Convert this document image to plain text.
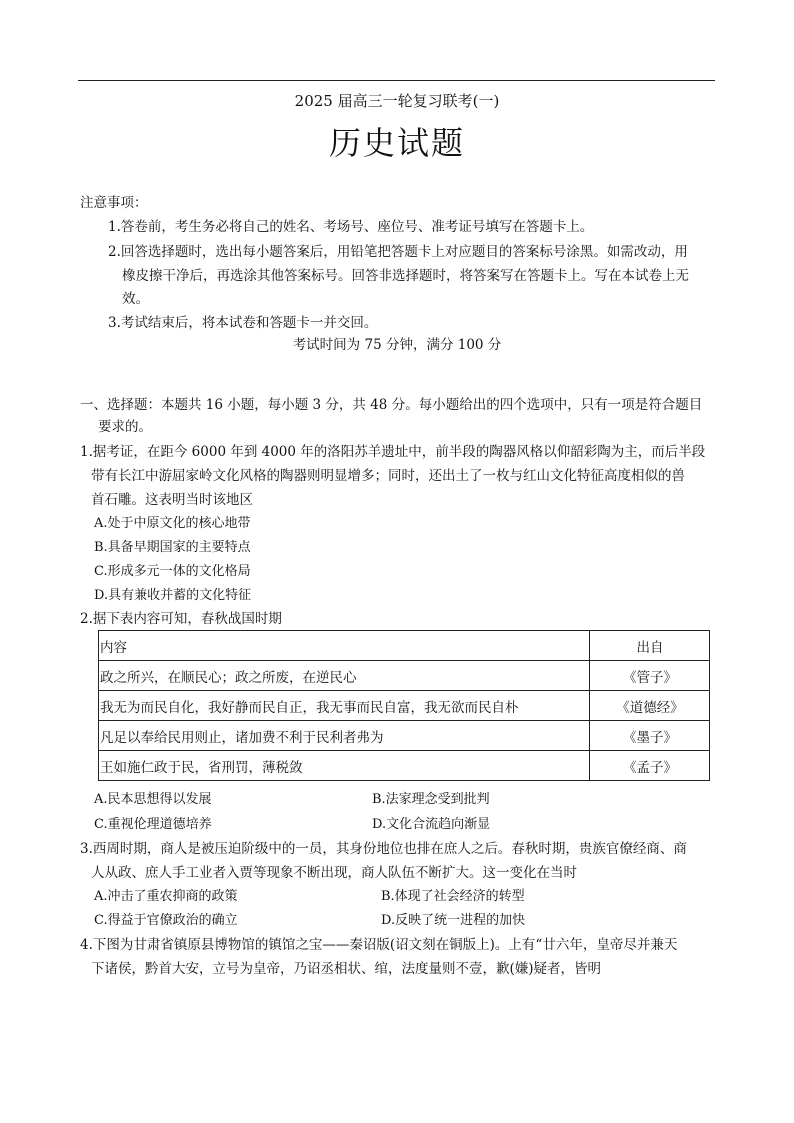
2025 届高三一轮复习联考(一)
历史试题
注意事项：
1.答卷前，考生务必将自己的姓名、考场号、座位号、准考证号填写在答题卡上。
2.回答选择题时，选出每小题答案后，用铅笔把答题卡上对应题目的答案标号涂黑。如需改动，用
橡皮擦干净后，再选涂其他答案标号。回答非选择题时，将答案写在答题卡上。写在本试卷上无
效。
3.考试结束后，将本试卷和答题卡一并交回。
考试时间为 75 分钟，满分 100 分
一、选择题：本题共 16 小题，每小题 3 分，共 48 分。每小题给出的四个选项中，只有一项是符合题目
要求的。
1.据考证，在距今 6000 年到 4000 年的洛阳苏羊遗址中，前半段的陶器风格以仰韶彩陶为主，而后半段
带有长江中游屈家岭文化风格的陶器则明显增多；同时，还出土了一枚与红山文化特征高度相似的兽
首石雕。这表明当时该地区
A.处于中原文化的核心地带
B.具备早期国家的主要特点
C.形成多元一体的文化格局
D.具有兼收并蓄的文化特征
2.据下表内容可知，春秋战国时期
内容	出自
政之所兴，在顺民心；政之所废，在逆民心	《管子》
我无为而民自化，我好静而民自正，我无事而民自富，我无欲而民自朴	《道德经》
凡足以奉给民用则止，诸加费不利于民利者弗为	《墨子》
王如施仁政于民，省刑罚，薄税敛	《孟子》
A.民本思想得以发展	B.法家理念受到批判
C.重视伦理道德培养	D.文化合流趋向渐显
3.西周时期，商人是被压迫阶级中的一员，其身份地位也排在庶人之后。春秋时期，贵族官僚经商、商
人从政、庶人手工业者入贾等现象不断出现，商人队伍不断扩大。这一变化在当时
A.冲击了重农抑商的政策	B.体现了社会经济的转型
C.得益于官僚政治的确立	D.反映了统一进程的加快
4.下图为甘肃省镇原县博物馆的镇馆之宝——秦诏版(诏文刻在铜版上)。上有“廿六年，皇帝尽并兼天
下诸侯，黔首大安，立号为皇帝，乃诏丞相状、绾，法度量则不壹，歉(嫌)疑者，皆明
